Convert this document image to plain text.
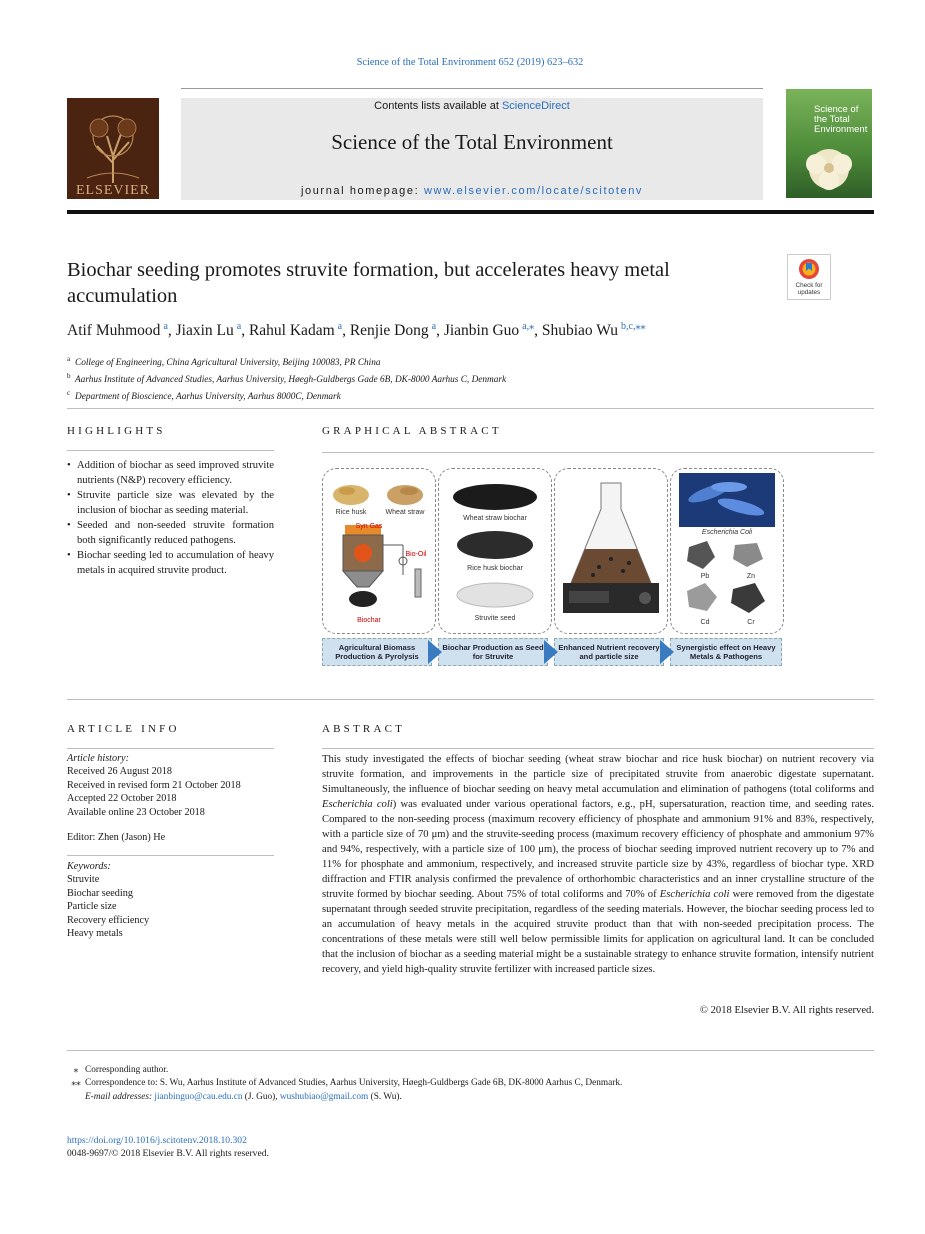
Science of the Total Environment 652 (2019) 623–632
ELSEVIER
Contents lists available at ScienceDirect
Science of the Total Environment
journal homepage: www.elsevier.com/locate/scitotenv
Science of the Total Environment
Biochar seeding promotes struvite formation, but accelerates heavy metal accumulation	Check for updates
Atif Muhmood $^a$, Jiaxin Lu $^a$, Rahul Kadam $^a$, Renjie Dong $^a$, Jianbin Guo $^{a,⁎}$, Shubiao Wu $^{b,c,⁎⁎}$
$^a$ College of Engineering, China Agricultural University, Beijing 100083, PR China
$^b$ Aarhus Institute of Advanced Studies, Aarhus University, Høegh-Guldbergs Gade 6B, DK-8000 Aarhus C, Denmark
$^c$ Department of Bioscience, Aarhus University, Aarhus 8000C, Denmark
HIGHLIGHTS
• Addition of biochar as seed improved struvite nutrients (N&P) recovery efficiency.
• Struvite particle size was elevated by the inclusion of biochar as seeding material.
• Seeded and non-seeded struvite formation both significantly reduced pathogens.
• Biochar seeding led to accumulation of heavy metals in acquired struvite product.
GRAPHICAL ABSTRACT
Rice husk	Wheat straw
Syn Gas
Bio-Oil
Biochar
Wheat straw biochar
Rice husk biochar
Struvite seed
Escherichia Coli
Pb	Zn
Cd	Cr
Agricultural Biomass Production & Pyrolysis
Biochar Production as Seed for Struvite
Enhanced Nutrient recovery and particle size
Synergistic effect on Heavy Metals & Pathogens
ARTICLE INFO

Article history:

Received 26 August 2018

Received in revised form 21 October 2018

Accepted 22 October 2018

Available online 23 October 2018

Editor: Zhen (Jason) He

Keywords:

Struvite

Biochar seeding

Particle size

Recovery efficiency

Heavy metals

ABSTRACT
This study investigated the effects of biochar seeding (wheat straw biochar and rice husk biochar) on nutrient recovery via struvite formation, and improvements in the particle size of precipitated struvite from anaerobic digestate supernatant. Simultaneously, the influence of biochar seeding on heavy metal accumulation and elimination of pathogens (total coliforms and Escherichia coli) was evaluated under various operational factors, e.g., pH, supersaturation, reaction time, and seeding rates. Compared to the non-seeding process (maximum recovery efficiency of phosphate and ammonium 91% and 83%, respectively, with a particle size of 70 μm) and the struvite-seeding process (maximum recovery efficiency of phosphate and ammonium 97% and 94%, respectively, with a particle size of 100 μm), the process of biochar seeding improved nutrient recovery up to 7% and 11% for phosphate and ammonium, respectively, and increased struvite particle size by 43%, regardless of biochar type. XRD diffraction and FTIR analysis confirmed the prevalence of orthorhombic characteristics and an inner crystalline structure of the struvite formed by biochar seeding. About 75% of total coliforms and 70% of Escherichia coli were removed from the digestate supernatant through seeded struvite precipitation, regardless of the seeding materials. However, the biochar seeding process led to an accumulation of heavy metals in the acquired struvite product than that with non-seeded precipitation process. The concentrations of these metals were still well below permissible limits for application on agricultural land. It can be concluded that the inclusion of biochar as a seeding material might be a sustainable strategy to enhance struvite formation, intensify nutrient recovery, and yield high-quality struvite fertilizer with increased particle sizes.
© 2018 Elsevier B.V. All rights reserved.
⁎ Corresponding author.
⁎⁎ Correspondence to: S. Wu, Aarhus Institute of Advanced Studies, Aarhus University, Høegh-Guldbergs Gade 6B, DK-8000 Aarhus C, Denmark.
E-mail addresses: jianbinguo@cau.edu.cn (J. Guo), wushubiao@gmail.com (S. Wu).
https://doi.org/10.1016/j.scitotenv.2018.10.302
0048-9697/© 2018 Elsevier B.V. All rights reserved.
